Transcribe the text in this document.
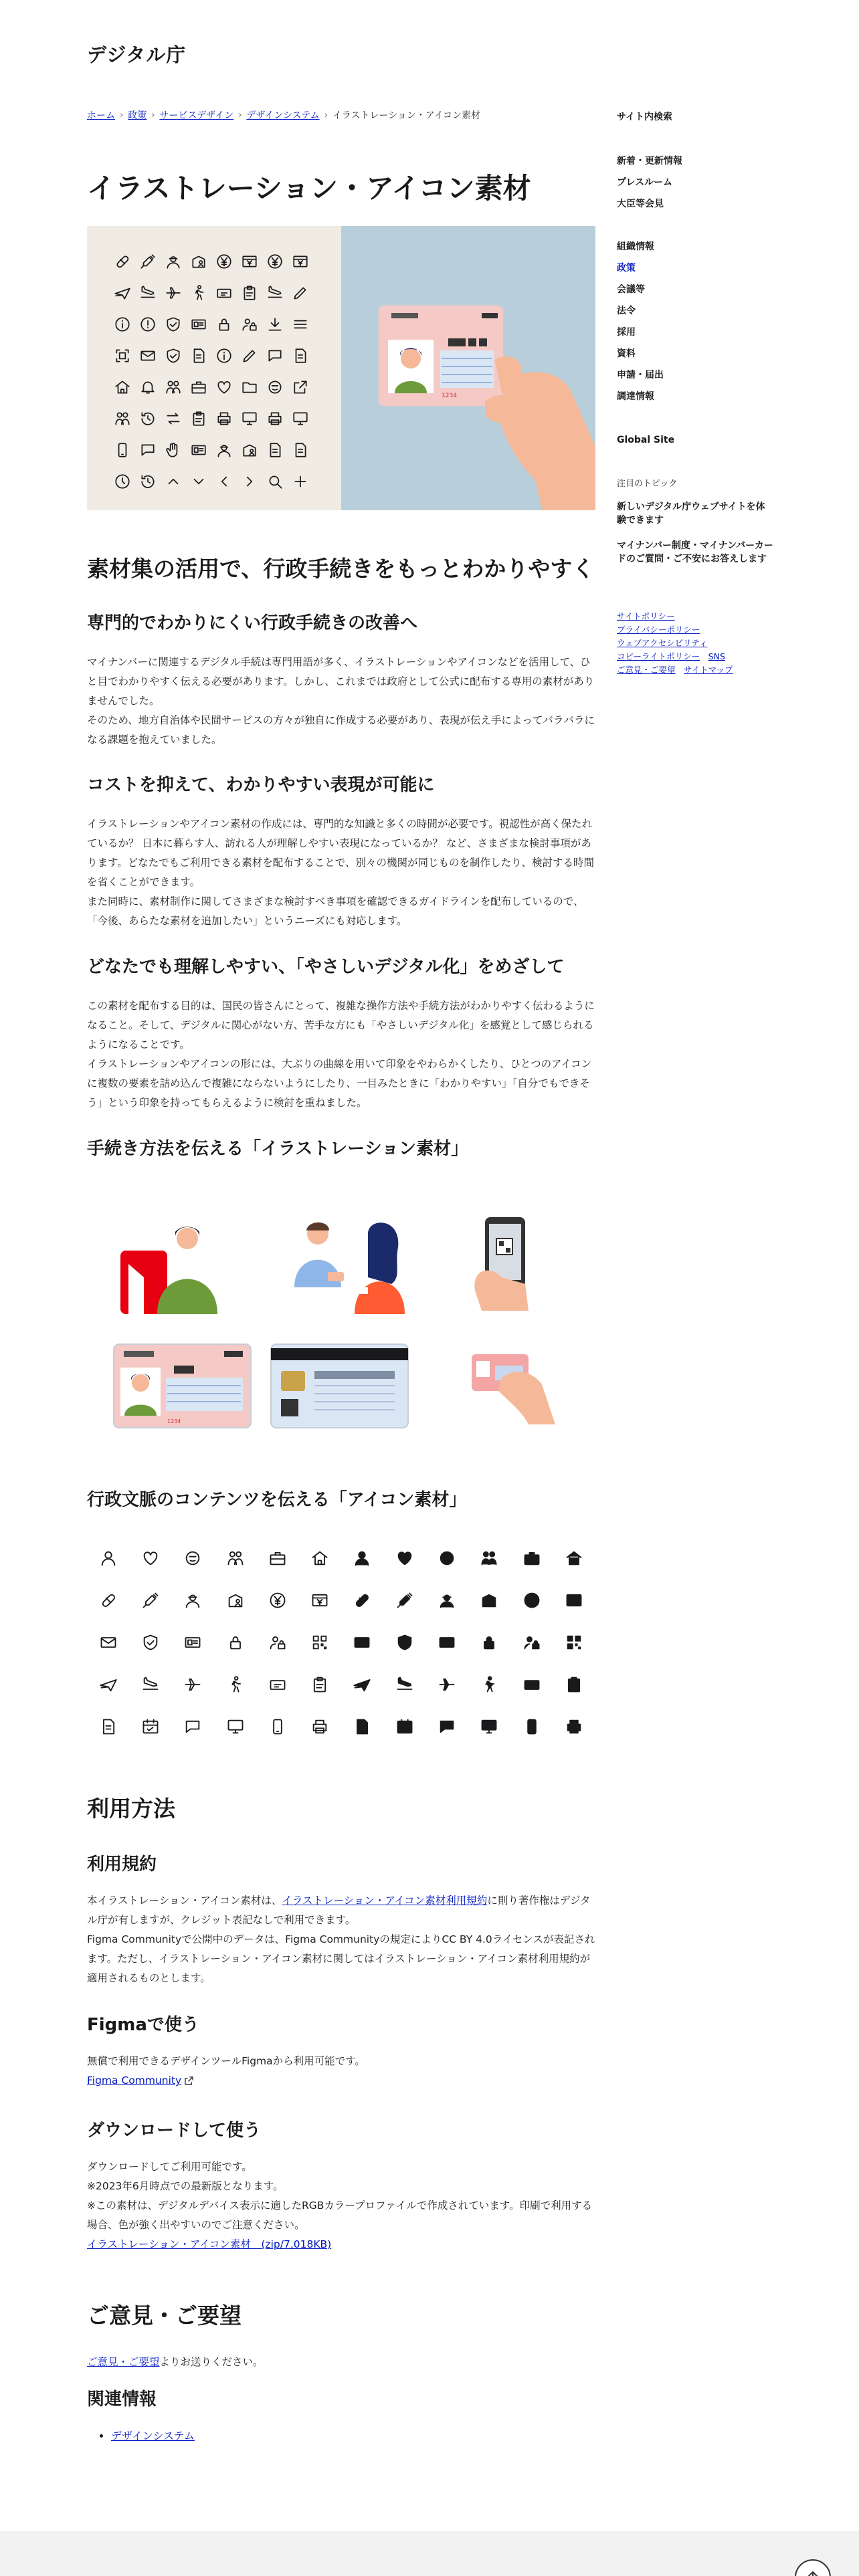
デジタル庁
ホーム › 政策 › サービスデザイン › デザインシステム › イラストレーション・アイコン素材
イラストレーション・アイコン素材
1234
素材集の活用で、行政手続きをもっとわかりやすく
専門的でわかりにくい行政手続きの改善へ

マイナンバーに関連するデジタル手続は専門用語が多く、イラストレーションやアイコンなどを活用して、ひと目でわかりやすく伝える必要があります。しかし、これまでは政府として公式に配布する専用の素材がありませんでした。

そのため、地方自治体や民間サービスの方々が独自に作成する必要があり、表現が伝え手によってバラバラになる課題を抱えていました。

コストを抑えて、わかりやすい表現が可能に

イラストレーションやアイコン素材の作成には、専門的な知識と多くの時間が必要です。視認性が高く保たれているか？ 日本に暮らす人、訪れる人が理解しやすい表現になっているか？ など、さまざまな検討事項があります。どなたでもご利用できる素材を配布することで、別々の機関が同じものを制作したり、検討する時間を省くことができます。

また同時に、素材制作に関してさまざまな検討すべき事項を確認できるガイドラインを配布しているので、「今後、あらたな素材を追加したい」というニーズにも対応します。

どなたでも理解しやすい、「やさしいデジタル化」をめざして

この素材を配布する目的は、国民の皆さんにとって、複雑な操作方法や手続方法がわかりやすく伝わるようになること。そして、デジタルに関心がない方、苦手な方にも「やさしいデジタル化」を感覚として感じられるようになることです。

イラストレーションやアイコンの形には、大ぶりの曲線を用いて印象をやわらかくしたり、ひとつのアイコンに複数の要素を詰め込んで複雑にならないようにしたり、一目みたときに「わかりやすい」「自分でもできそう」という印象を持ってもらえるように検討を重ねました。

手続き方法を伝える「イラストレーション素材」
1234
行政文脈のコンテンツを伝える「アイコン素材」
利用方法
利用規約

本イラストレーション・アイコン素材は、イラストレーション・アイコン素材利用規約に則り著作権はデジタル庁が有しますが、クレジット表記なしで利用できます。

Figma Communityで公開中のデータは、Figma Communityの規定によりCC BY 4.0ライセンスが表記されます。ただし、イラストレーション・アイコン素材に関してはイラストレーション・アイコン素材利用規約が適用されるものとします。

Figmaで使う

無償で利用できるデザインツールFigmaから利用可能です。

Figma Community

ダウンロードして使う

ダウンロードしてご利用可能です。

※2023年6月時点での最新版となります。

※この素材は、デジタルデバイス表示に適したRGBカラープロファイルで作成されています。印刷で利用する場合、色が強く出やすいのでご注意ください。

イラストレーション・アイコン素材　(zip/7,018KB)

ご意見・ご要望

ご意見・ご要望よりお送りください。

関連情報
• デザインシステム
サイト内検索
新着・更新情報
プレスルーム
大臣等会見
組織情報
政策
会議等
法令
採用
資料
申請・届出
調達情報
Global Site
注目のトピック
新しいデジタル庁ウェブサイトを体験できます
マイナンバー制度・マイナンバーカードのご質問・ご不安にお答えします
サイトポリシー
プライバシーポリシー
ウェブアクセシビリティ
コピーライトポリシー　 SNS
ご意見・ご要望　 サイトマップ
